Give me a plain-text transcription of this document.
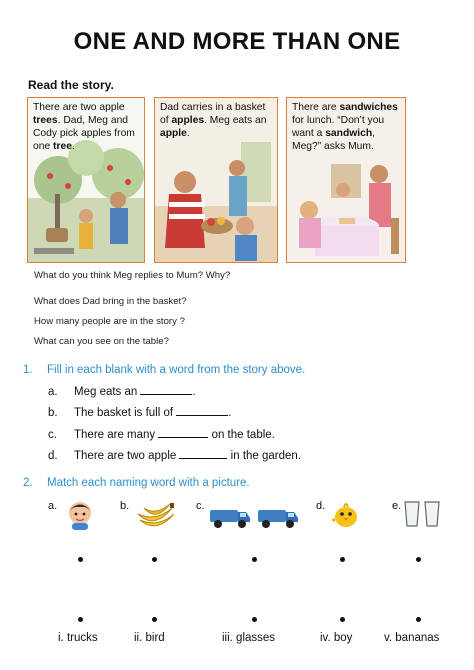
ONE AND MORE THAN ONE
Read the story.
There are two apple trees. Dad, Meg and Cody pick apples from one tree.
Dad carries in a basket of apples. Meg eats an apple.
There are sandwiches for lunch. “Don’t you want a sandwich, Meg?” asks Mum.
What do you think Meg replies to Mum? Why?
What does Dad bring in the basket?
How many people are in the story ?
What can you see on the table?
1. Fill in each blank with a word from the story above.
a. Meg eats an	.
b. The basket is full of	.
c. There are many	on the table.
d. There are two apple	in the garden.
2. Match each naming word with a picture.
a.	b.	c.	d.	e.
i. trucks	ii. bird	iii. glasses	iv. boy	v. bananas
